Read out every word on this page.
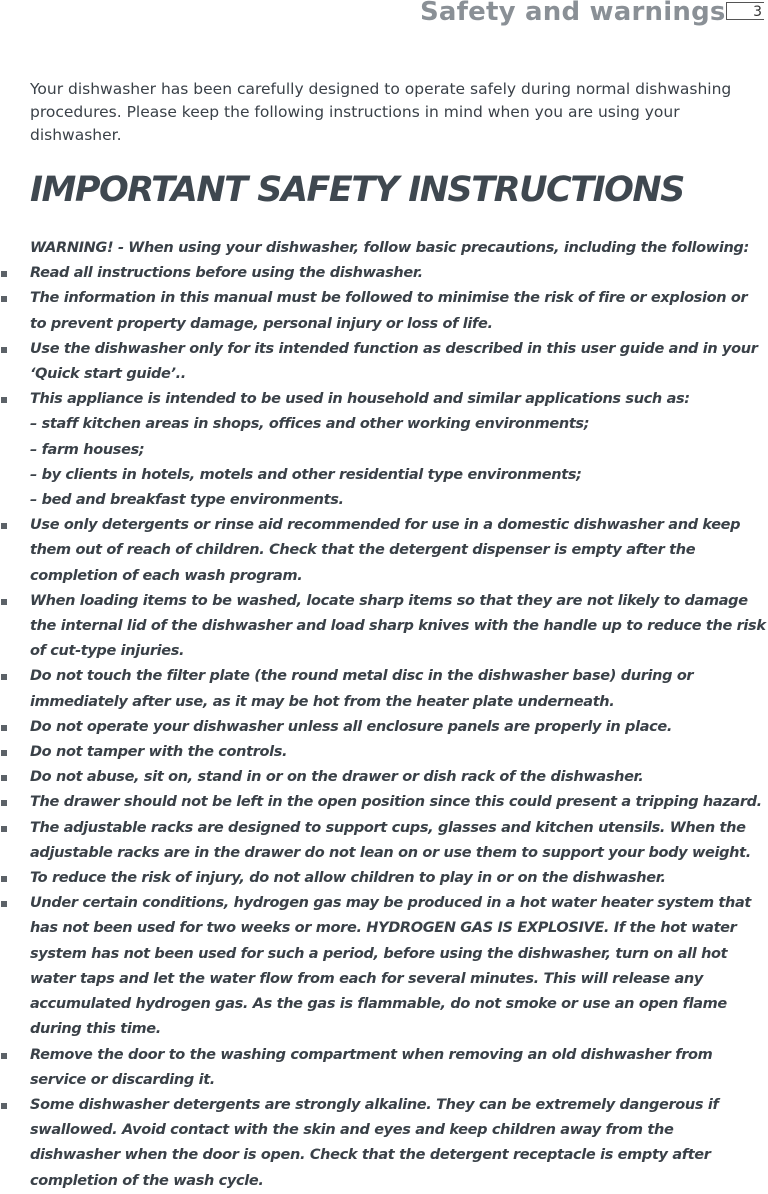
Safety and warnings	3

Your dishwasher has been carefully designed to operate safely during normal dishwashing procedures. Please keep the following instructions in mind when you are using your dishwasher.

IMPORTANT SAFETY INSTRUCTIONS
WARNING! - When using your dishwasher, follow basic precautions, including the following:
Read all instructions before using the dishwasher.
The information in this manual must be followed to minimise the risk of fire or explosion or to prevent property damage, personal injury or loss of life.
Use the dishwasher only for its intended function as described in this user guide and in your ‘Quick start guide’..
This appliance is intended to be used in household and similar applications such as:
– staff kitchen areas in shops, offices and other working environments;
– farm houses;
– by clients in hotels, motels and other residential type environments;
– bed and breakfast type environments.
Use only detergents or rinse aid recommended for use in a domestic dishwasher and keep them out of reach of children. Check that the detergent dispenser is empty after the completion of each wash program.
When loading items to be washed, locate sharp items so that they are not likely to damage the internal lid of the dishwasher and load sharp knives with the handle up to reduce the risk of cut-type injuries.
Do not touch the filter plate (the round metal disc in the dishwasher base) during or immediately after use, as it may be hot from the heater plate underneath.
Do not operate your dishwasher unless all enclosure panels are properly in place.
Do not tamper with the controls.
Do not abuse, sit on, stand in or on the drawer or dish rack of the dishwasher.
The drawer should not be left in the open position since this could present a tripping hazard.
The adjustable racks are designed to support cups, glasses and kitchen utensils. When the adjustable racks are in the drawer do not lean on or use them to support your body weight.
To reduce the risk of injury, do not allow children to play in or on the dishwasher.
Under certain conditions, hydrogen gas may be produced in a hot water heater system that has not been used for two weeks or more. HYDROGEN GAS IS EXPLOSIVE. If the hot water system has not been used for such a period, before using the dishwasher, turn on all hot water taps and let the water flow from each for several minutes. This will release any accumulated hydrogen gas. As the gas is flammable, do not smoke or use an open flame during this time.
Remove the door to the washing compartment when removing an old dishwasher from service or discarding it.
Some dishwasher detergents are strongly alkaline. They can be extremely dangerous if swallowed. Avoid contact with the skin and eyes and keep children away from the dishwasher when the door is open. Check that the detergent receptacle is empty after completion of the wash cycle.
